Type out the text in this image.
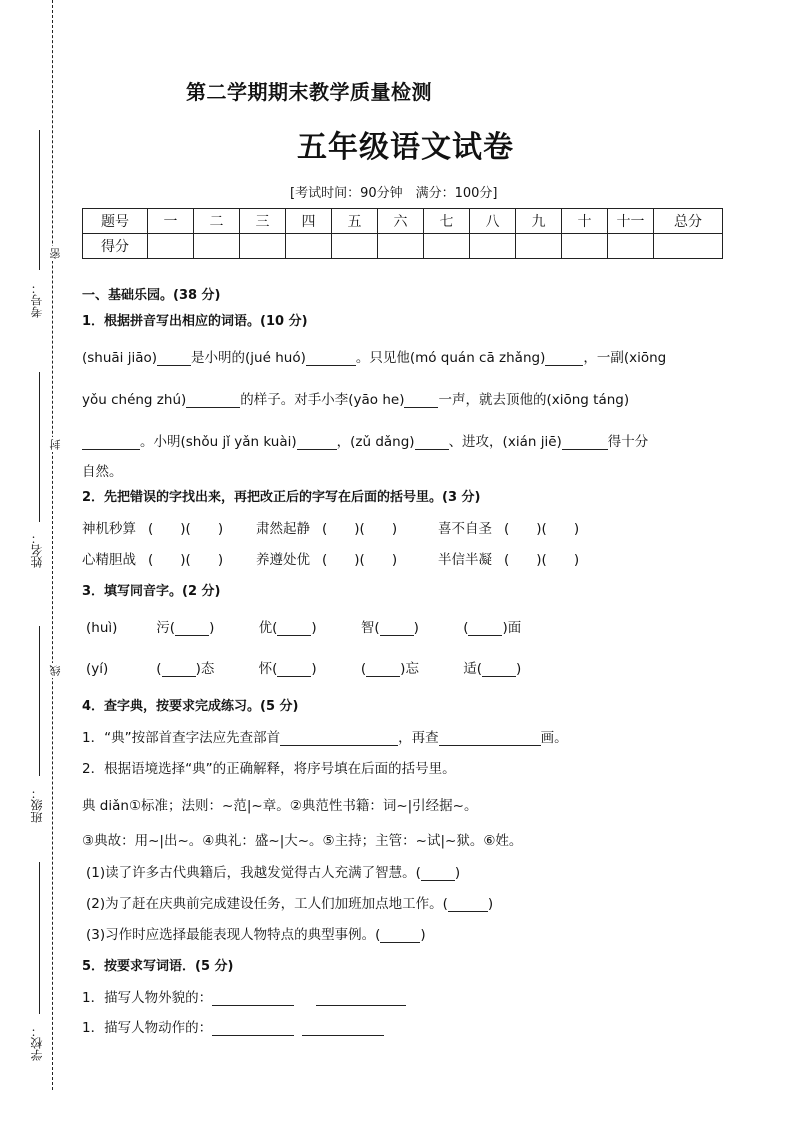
考号：
密
姓名：
封
班级：
线
学校：
第二学期期末教学质量检测
五年级语文试卷
[考试时间：90分钟　满分：100分]
题号	一	二	三	四	五	六	七	八	九	十	十一	总分
得分												
一、基础乐园。(38 分)
1．根据拼音写出相应的词语。(10 分)
(shuāi jiāo)	是小明的(jué huó)	。只见他(mó quán cā zhǎng)	，一副(xiōng
yǒu chéng zhú)	的样子。对手小李(yāo he)	一声，就去顶他的(xiōng táng)
。小明(shǒu jǐ yǎn kuài)	，(zǔ dǎng)	、进攻，(xián jiē)	得十分
自然。
2．先把错误的字找出来，再把改正后的字写在后面的括号里。(3 分)
神机秒算 (　　)(　　) 肃然起静 (　　)(　　)	喜不自圣 (　　)(　　)
心精胆战 (　　)(　　) 养遵处优 (　　)(　　)	半信半凝 (　　)(　　)
3．填写同音字。(2 分)
(huì)	污(	)	优(	)	智(	)	(	)面
(yí)	(	)态	怀(	)	(	)忘	适(	)
4．查字典，按要求完成练习。(5 分)
1．“典”按部首查字法应先查部首	，再查	画。
2．根据语境选择“典”的正确解释，将序号填在后面的括号里。
典 diǎn①标准；法则：~范|~章。②典范性书籍：词~|引经据~。
③典故：用~|出~。④典礼：盛~|大~。⑤主持；主管：~试|~狱。⑥姓。
(1)读了许多古代典籍后，我越发觉得古人充满了智慧。(	)
(2)为了赶在庆典前完成建设任务，工人们加班加点地工作。(	)
(3)习作时应选择最能表现人物特点的典型事例。(	)
5．按要求写词语．(5 分)
1．描写人物外貌的：
1．描写人物动作的：
